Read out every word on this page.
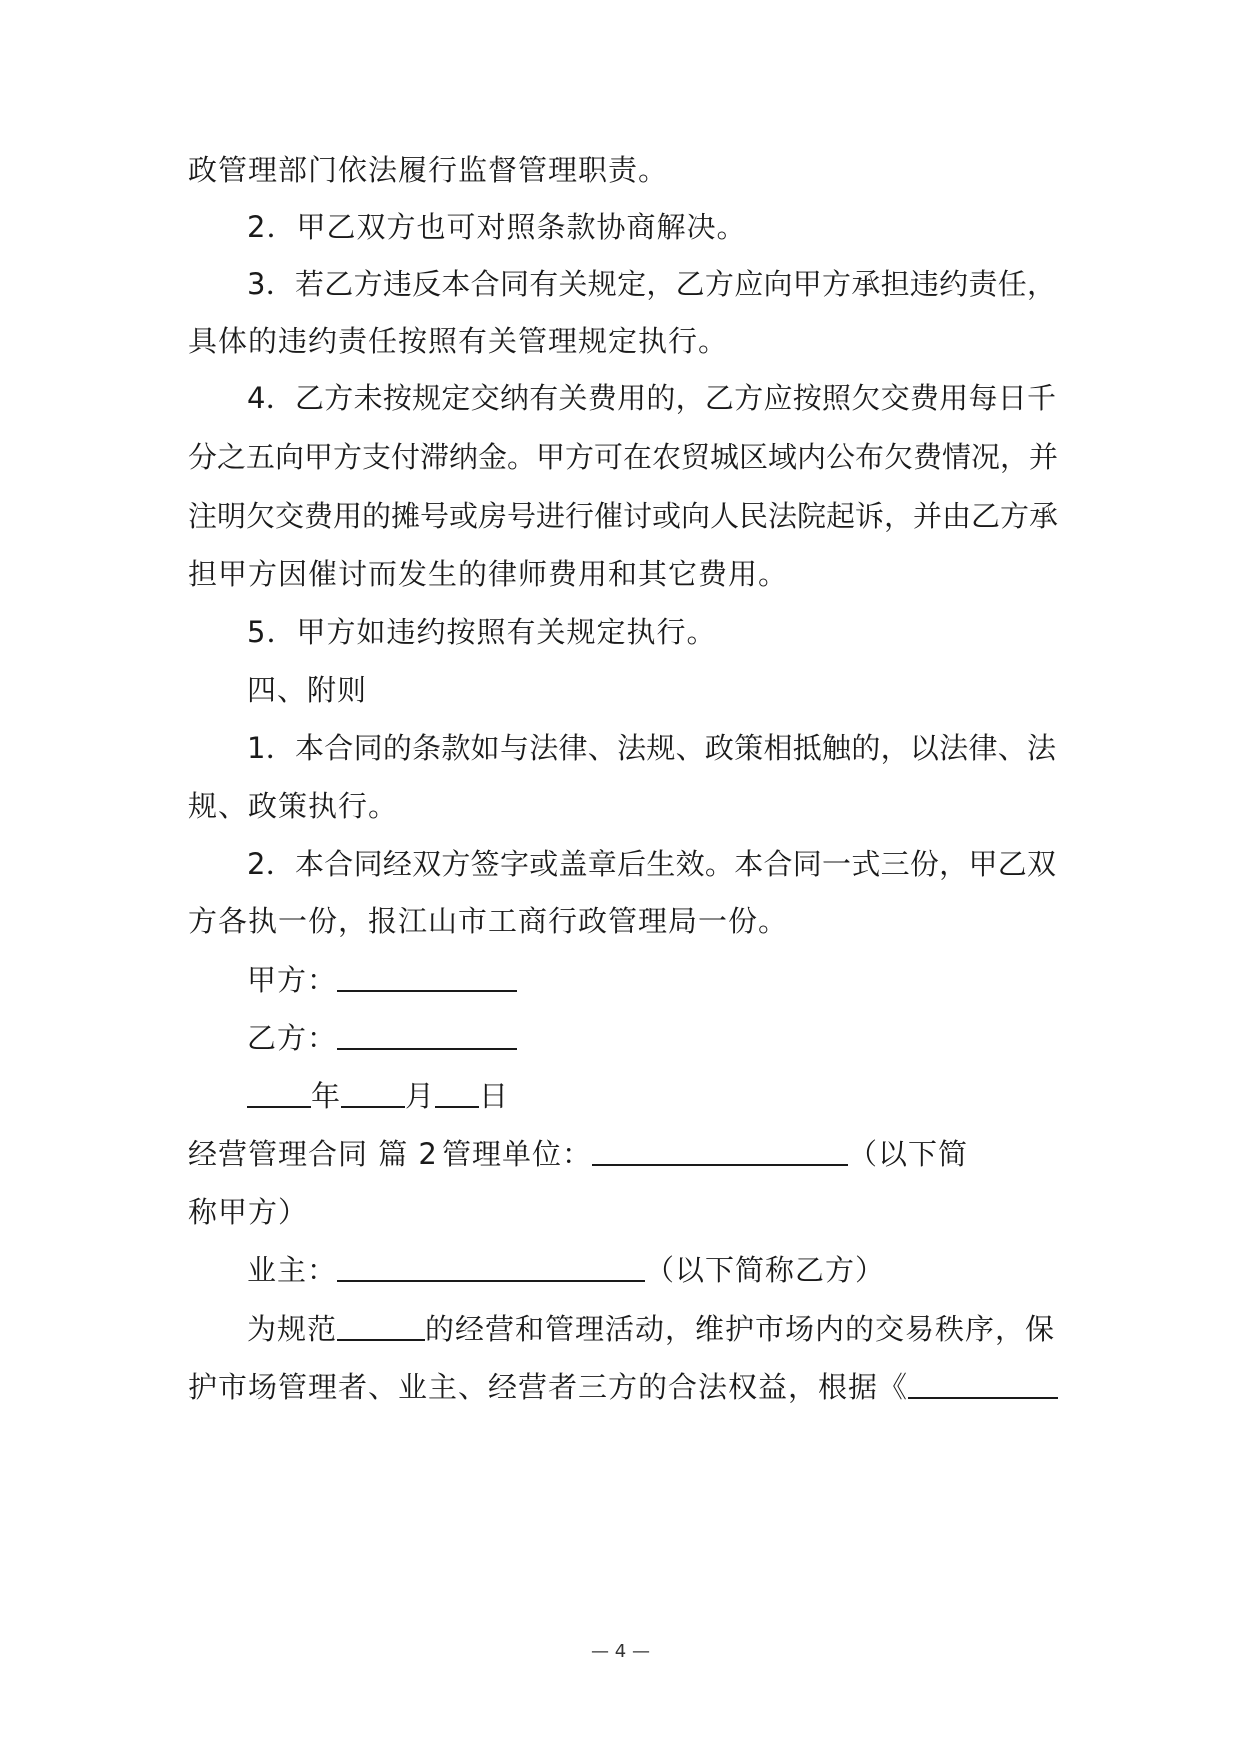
政管理部门依法履行监督管理职责。
2．甲乙双方也可对照条款协商解决。
3．若乙方违反本合同有关规定，乙方应向甲方承担违约责任，
具体的违约责任按照有关管理规定执行。
4．乙方未按规定交纳有关费用的，乙方应按照欠交费用每日千
分之五向甲方支付滞纳金。甲方可在农贸城区域内公布欠费情况，并
注明欠交费用的摊号或房号进行催讨或向人民法院起诉，并由乙方承
担甲方因催讨而发生的律师费用和其它费用。
5．甲方如违约按照有关规定执行。
四、附则
1．本合同的条款如与法律、法规、政策相抵触的，以法律、法
规、政策执行。
2．本合同经双方签字或盖章后生效。本合同一式三份，甲乙双
方各执一份，报江山市工商行政管理局一份。
甲方：
乙方：
年 月 日
经营管理合同 篇 2 管理单位：	（以下简
称甲方）
业主：	（以下简称乙方）
为规范	的经营和管理活动，维护市场内的交易秩序，保
护市场管理者、业主、经营者三方的合法权益，根据《
— 4 —
